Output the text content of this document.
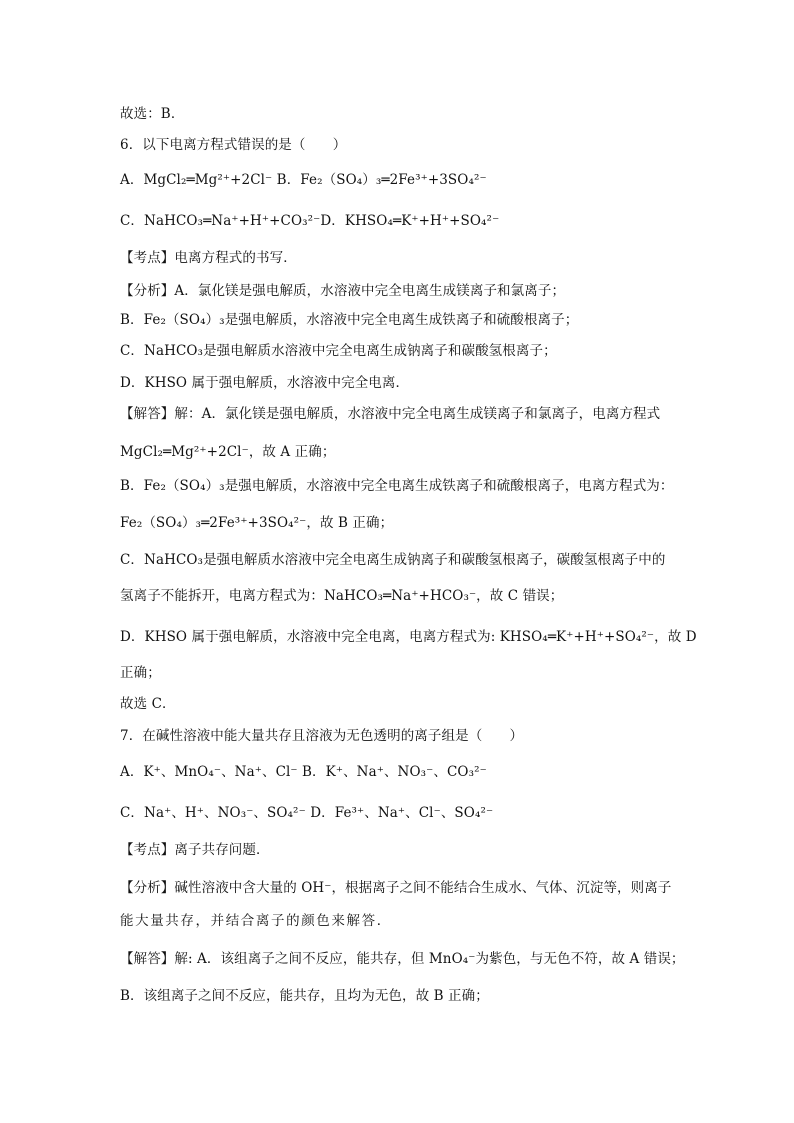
故选：B．
6．以下电离方程式错误的是（　　）
A．MgCl₂═Mg²⁺+2Cl⁻ B．Fe₂（SO₄）₃═2Fe³⁺+3SO₄²⁻
C．NaHCO₃═Na⁺+H⁺+CO₃²⁻D．KHSO₄═K⁺+H⁺+SO₄²⁻
【考点】电离方程式的书写．
【分析】A．氯化镁是强电解质，水溶液中完全电离生成镁离子和氯离子；
B．Fe₂（SO₄）₃是强电解质，水溶液中完全电离生成铁离子和硫酸根离子；
C．NaHCO₃是强电解质水溶液中完全电离生成钠离子和碳酸氢根离子；
D．KHSO 属于强电解质，水溶液中完全电离．
【解答】解：A．氯化镁是强电解质，水溶液中完全电离生成镁离子和氯离子，电离方程式
MgCl₂═Mg²⁺+2Cl⁻，故 A 正确；
B．Fe₂（SO₄）₃是强电解质，水溶液中完全电离生成铁离子和硫酸根离子，电离方程式为：
Fe₂（SO₄）₃═2Fe³⁺+3SO₄²⁻，故 B 正确；
C．NaHCO₃是强电解质水溶液中完全电离生成钠离子和碳酸氢根离子，碳酸氢根离子中的
氢离子不能拆开，电离方程式为：NaHCO₃═Na⁺+HCO₃⁻，故 C 错误；
D．KHSO 属于强电解质，水溶液中完全电离，电离方程式为: KHSO₄═K⁺+H⁺+SO₄²⁻，故 D
正确；
故选 C．
7．在碱性溶液中能大量共存且溶液为无色透明的离子组是（　　）
A．K⁺、MnO₄⁻、Na⁺、Cl⁻ B．K⁺、Na⁺、NO₃⁻、CO₃²⁻
C．Na⁺、H⁺、NO₃⁻、SO₄²⁻ D．Fe³⁺、Na⁺、Cl⁻、SO₄²⁻
【考点】离子共存问题．
【分析】碱性溶液中含大量的 OH⁻，根据离子之间不能结合生成水、气体、沉淀等，则离子
能大量共存，并结合离子的颜色来解答．
【解答】解: A．该组离子之间不反应，能共存，但 MnO₄⁻为紫色，与无色不符，故 A 错误；
B．该组离子之间不反应，能共存，且均为无色，故 B 正确；
